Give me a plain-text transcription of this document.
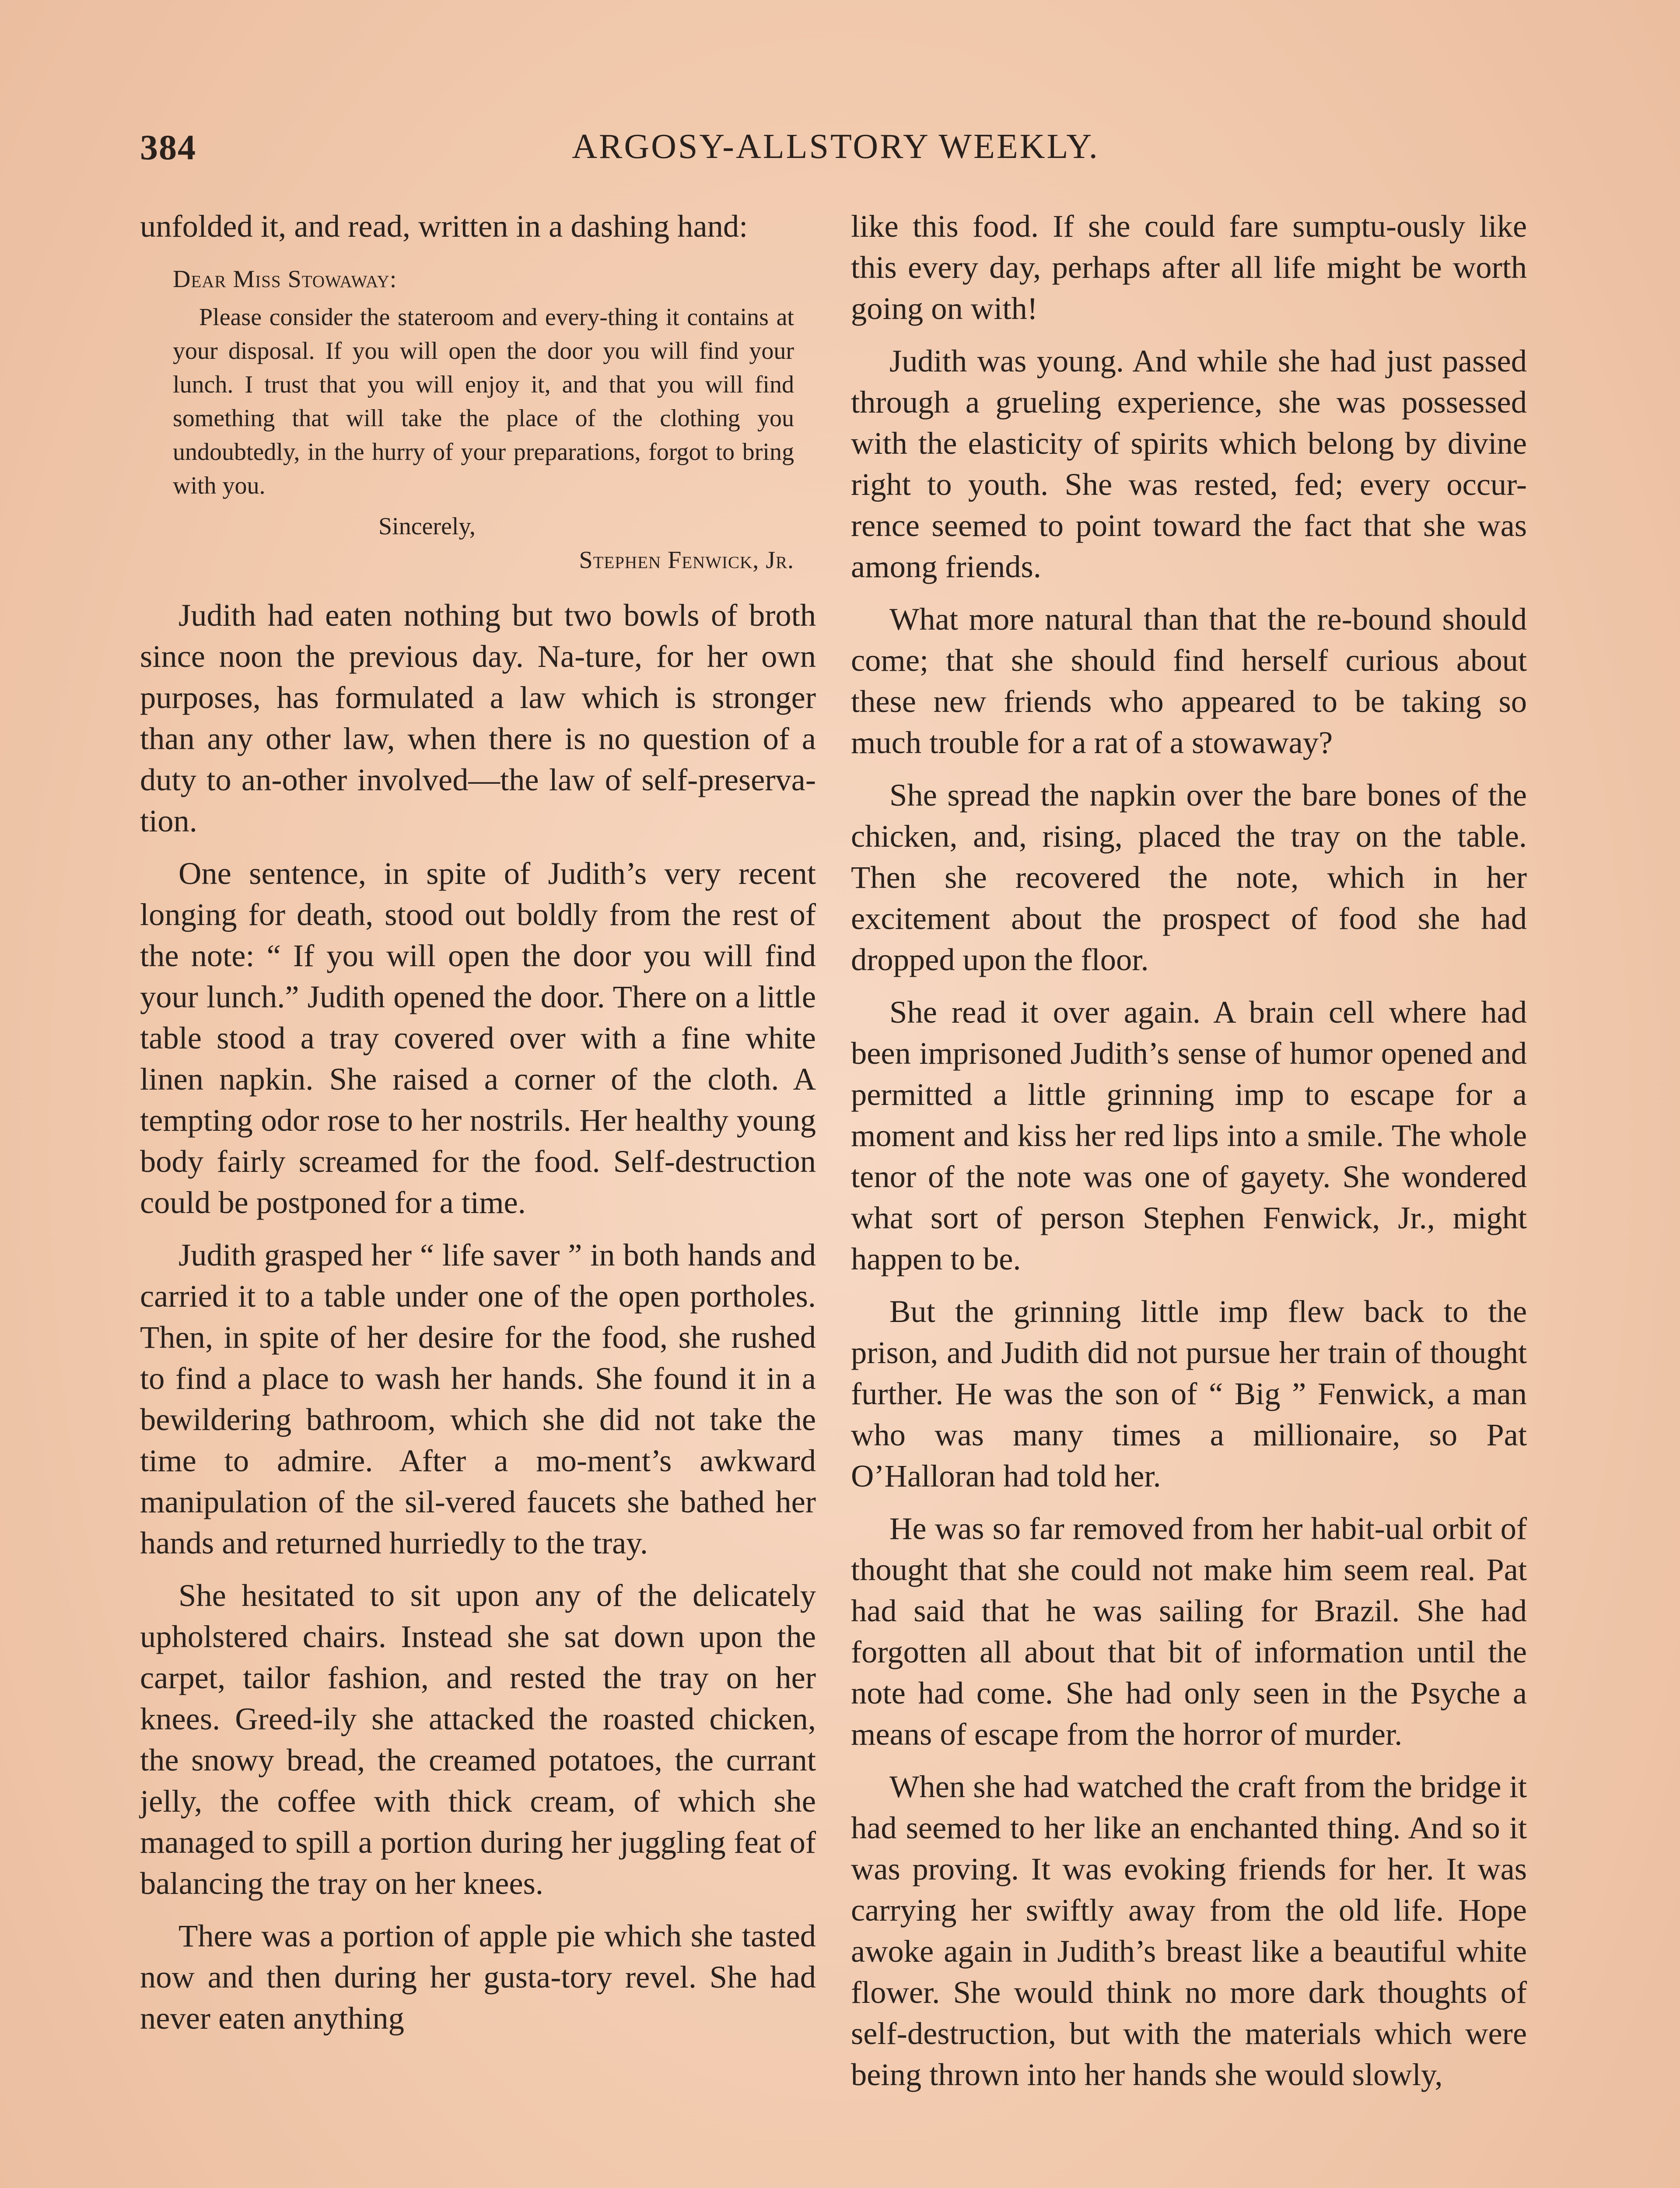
384	ARGOSY-ALLSTORY WEEKLY.

unfolded it, and read, written in a dashing hand:

Dear Miss Stowaway:

Please consider the stateroom and every-thing it contains at your disposal. If you will open the door you will find your lunch. I trust that you will enjoy it, and that you will find something that will take the place of the clothing you undoubtedly, in the hurry of your preparations, forgot to bring with you.

Sincerely,

Stephen Fenwick, Jr.

Judith had eaten nothing but two bowls of broth since noon the previous day. Na-ture, for her own purposes, has formulated a law which is stronger than any other law, when there is no question of a duty to an-other involved—the law of self-preserva-tion.

One sentence, in spite of Judith’s very recent longing for death, stood out boldly from the rest of the note: “ If you will open the door you will find your lunch.” Judith opened the door. There on a little table stood a tray covered over with a fine white linen napkin. She raised a corner of the cloth. A tempting odor rose to her nostrils. Her healthy young body fairly screamed for the food. Self-destruction could be postponed for a time.

Judith grasped her “ life saver ” in both hands and carried it to a table under one of the open portholes. Then, in spite of her desire for the food, she rushed to find a place to wash her hands. She found it in a bewildering bathroom, which she did not take the time to admire. After a mo-ment’s awkward manipulation of the sil-vered faucets she bathed her hands and returned hurriedly to the tray.

She hesitated to sit upon any of the delicately upholstered chairs. Instead she sat down upon the carpet, tailor fashion, and rested the tray on her knees. Greed-ily she attacked the roasted chicken, the snowy bread, the creamed potatoes, the currant jelly, the coffee with thick cream, of which she managed to spill a portion during her juggling feat of balancing the tray on her knees.

There was a portion of apple pie which she tasted now and then during her gusta-tory revel. She had never eaten anything

like this food. If she could fare sumptu-ously like this every day, perhaps after all life might be worth going on with!

Judith was young. And while she had just passed through a grueling experience, she was possessed with the elasticity of spirits which belong by divine right to youth. She was rested, fed; every occur-rence seemed to point toward the fact that she was among friends.

What more natural than that the re-bound should come; that she should find herself curious about these new friends who appeared to be taking so much trouble for a rat of a stowaway?

She spread the napkin over the bare bones of the chicken, and, rising, placed the tray on the table. Then she recovered the note, which in her excitement about the prospect of food she had dropped upon the floor.

She read it over again. A brain cell where had been imprisoned Judith’s sense of humor opened and permitted a little grinning imp to escape for a moment and kiss her red lips into a smile. The whole tenor of the note was one of gayety. She wondered what sort of person Stephen Fenwick, Jr., might happen to be.

But the grinning little imp flew back to the prison, and Judith did not pursue her train of thought further. He was the son of “ Big ” Fenwick, a man who was many times a millionaire, so Pat O’Halloran had told her.

He was so far removed from her habit-ual orbit of thought that she could not make him seem real. Pat had said that he was sailing for Brazil. She had forgotten all about that bit of information until the note had come. She had only seen in the Psyche a means of escape from the horror of murder.

When she had watched the craft from the bridge it had seemed to her like an enchanted thing. And so it was proving. It was evoking friends for her. It was carrying her swiftly away from the old life. Hope awoke again in Judith’s breast like a beautiful white flower. She would think no more dark thoughts of self-destruction, but with the materials which were being thrown into her hands she would slowly,
